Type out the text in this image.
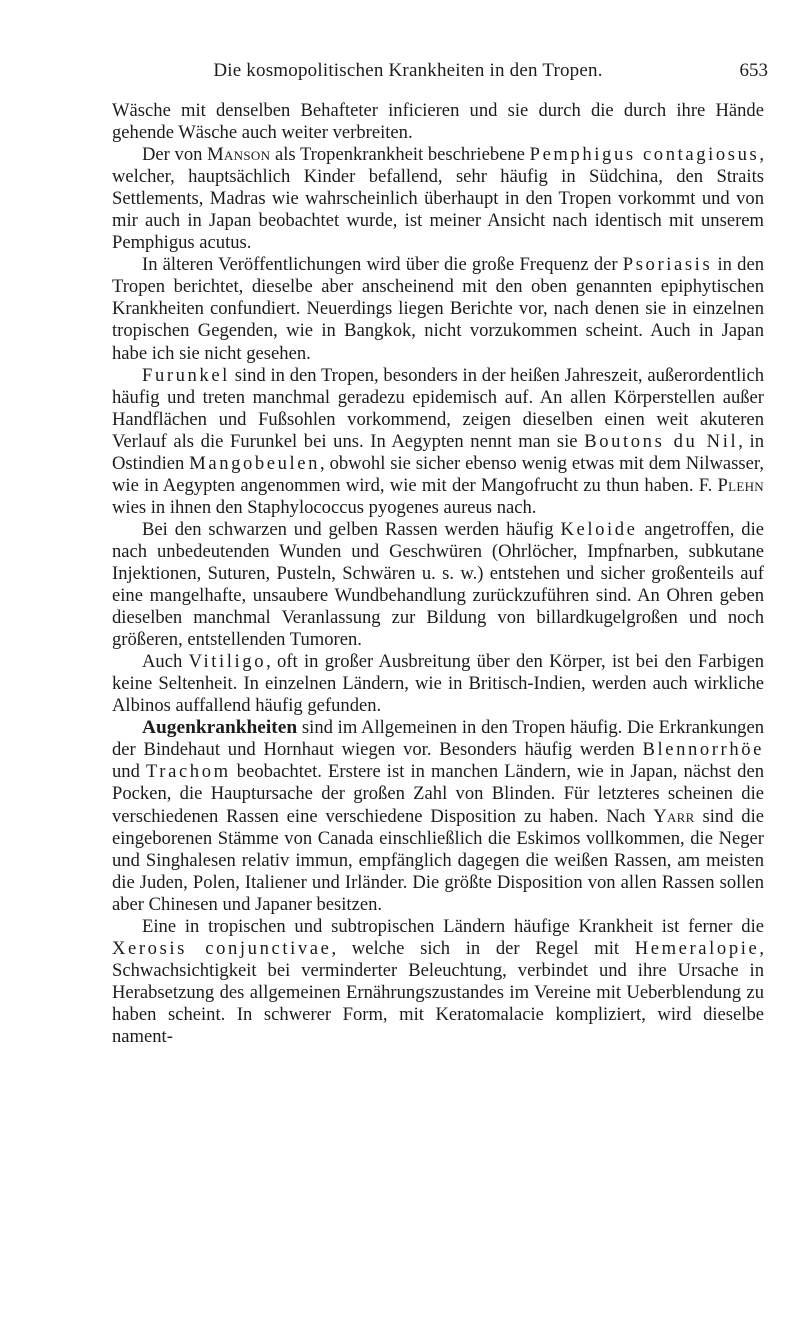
Die kosmopolitischen Krankheiten in den Tropen.	653

Wäsche mit denselben Behafteter inficieren und sie durch die durch ihre Hände gehende Wäsche auch weiter verbreiten.

Der von Manson als Tropenkrankheit beschriebene Pemphigus contagiosus, welcher, hauptsächlich Kinder befallend, sehr häufig in Südchina, den Straits Settlements, Madras wie wahrscheinlich überhaupt in den Tropen vorkommt und von mir auch in Japan beobachtet wurde, ist meiner Ansicht nach identisch mit unserem Pemphigus acutus.

In älteren Veröffentlichungen wird über die große Frequenz der Psoriasis in den Tropen berichtet, dieselbe aber anscheinend mit den oben genannten epiphytischen Krankheiten confundiert. Neuerdings liegen Berichte vor, nach denen sie in einzelnen tropischen Gegenden, wie in Bangkok, nicht vorzukommen scheint. Auch in Japan habe ich sie nicht gesehen.

Furunkel sind in den Tropen, besonders in der heißen Jahreszeit, außerordentlich häufig und treten manchmal geradezu epidemisch auf. An allen Körperstellen außer Handflächen und Fußsohlen vorkommend, zeigen dieselben einen weit akuteren Verlauf als die Furunkel bei uns. In Aegypten nennt man sie Boutons du Nil, in Ostindien Mangobeulen, obwohl sie sicher ebenso wenig etwas mit dem Nilwasser, wie in Aegypten angenommen wird, wie mit der Mangofrucht zu thun haben. F. Plehn wies in ihnen den Staphylococcus pyogenes aureus nach.

Bei den schwarzen und gelben Rassen werden häufig Keloide angetroffen, die nach unbedeutenden Wunden und Geschwüren (Ohrlöcher, Impfnarben, subkutane Injektionen, Suturen, Pusteln, Schwären u. s. w.) entstehen und sicher großenteils auf eine mangelhafte, unsaubere Wundbehandlung zurückzuführen sind. An Ohren geben dieselben manchmal Veranlassung zur Bildung von billardkugelgroßen und noch größeren, entstellenden Tumoren.

Auch Vitiligo, oft in großer Ausbreitung über den Körper, ist bei den Farbigen keine Seltenheit. In einzelnen Ländern, wie in Britisch-Indien, werden auch wirkliche Albinos auffallend häufig gefunden.

Augenkrankheiten sind im Allgemeinen in den Tropen häufig. Die Erkrankungen der Bindehaut und Hornhaut wiegen vor. Besonders häufig werden Blennorrhöe und Trachom beobachtet. Erstere ist in manchen Ländern, wie in Japan, nächst den Pocken, die Hauptursache der großen Zahl von Blinden. Für letzteres scheinen die verschiedenen Rassen eine verschiedene Disposition zu haben. Nach Yarr sind die eingeborenen Stämme von Canada einschließlich die Eskimos vollkommen, die Neger und Singhalesen relativ immun, empfänglich dagegen die weißen Rassen, am meisten die Juden, Polen, Italiener und Irländer. Die größte Disposition von allen Rassen sollen aber Chinesen und Japaner besitzen.

Eine in tropischen und subtropischen Ländern häufige Krankheit ist ferner die Xerosis conjunctivae, welche sich in der Regel mit Hemeralopie, Schwachsichtigkeit bei verminderter Beleuchtung, verbindet und ihre Ursache in Herabsetzung des allgemeinen Ernährungszustandes im Vereine mit Ueberblendung zu haben scheint. In schwerer Form, mit Keratomalacie kompliziert, wird dieselbe nament-
